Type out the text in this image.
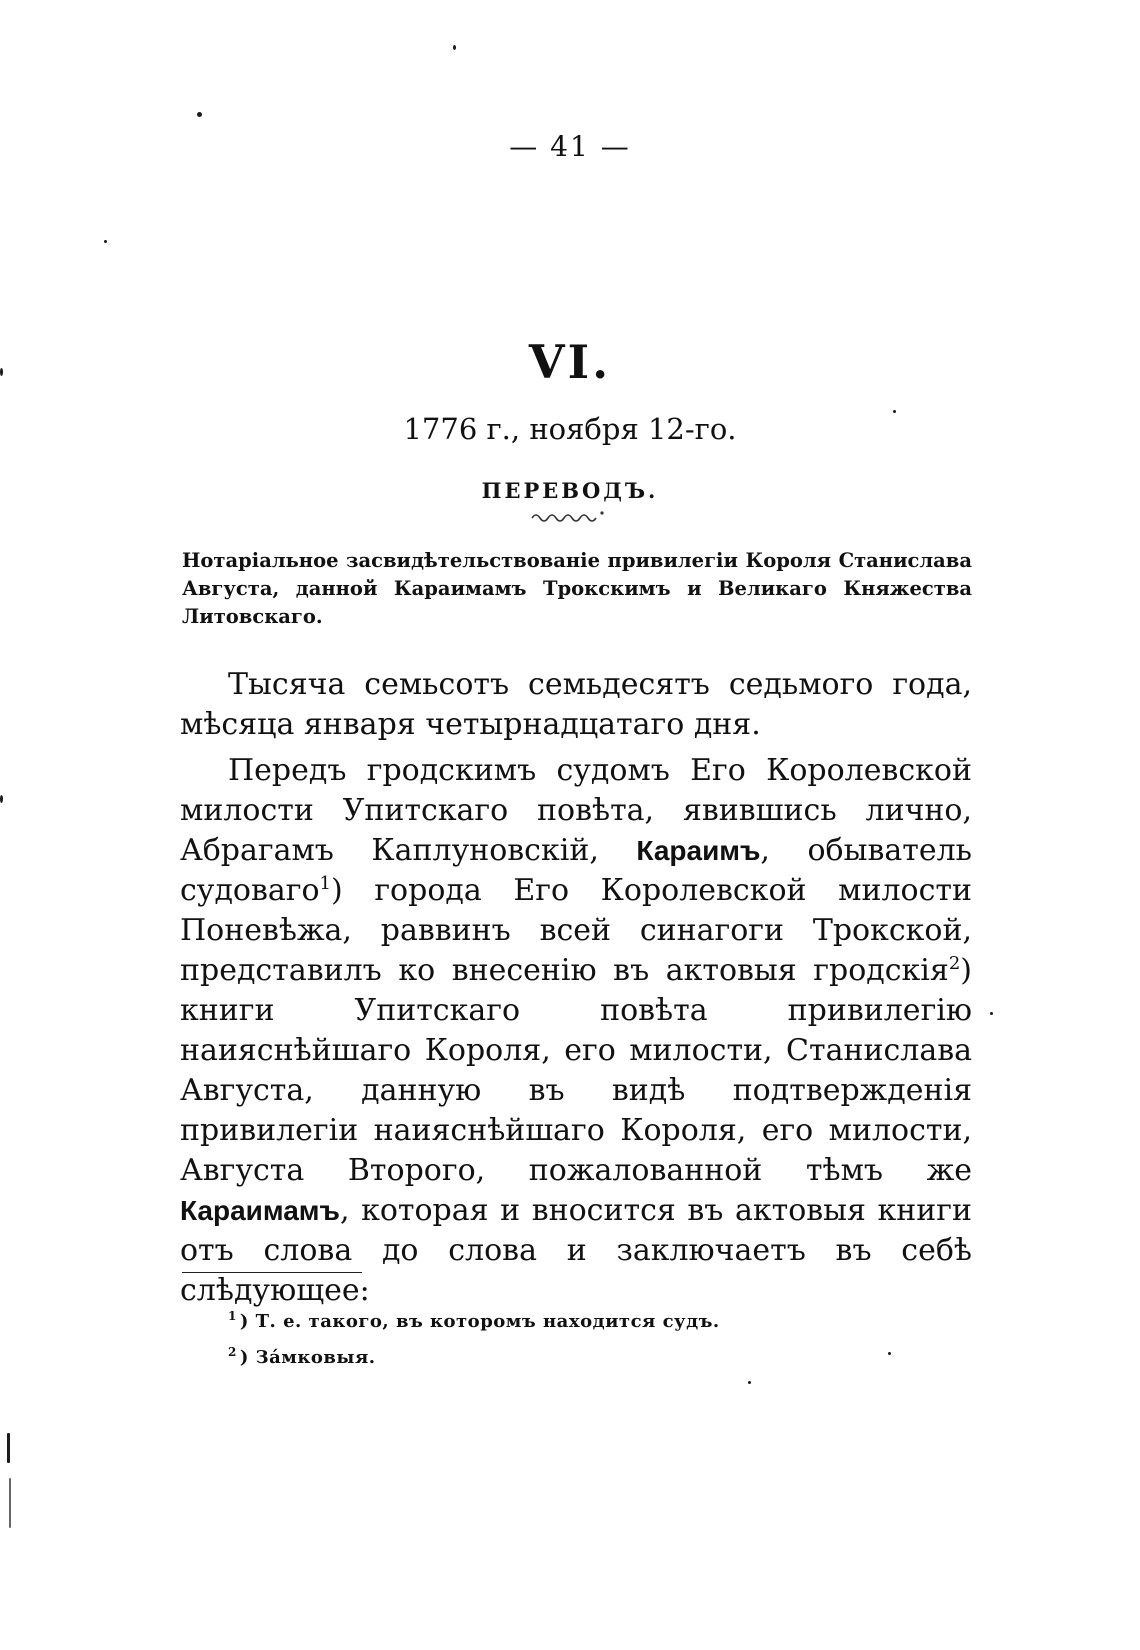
— 41 —
VI.
1776 г., ноября 12-го.
ПЕРЕВОДЪ.
Нотаріальное засвидѣтельствованіе привилегіи Короля Станислава Августа, данной Караимамъ Трокскимъ и Великаго Княжества Литовскаго.

Тысяча семьсотъ семьдесятъ седьмого года, мѣсяца января четырнадцатаго дня.

Передъ гродскимъ судомъ Его Королевской милости Упитскаго повѣта, явившись лично, Абрагамъ Каплуновскій, Караимъ, обыватель судоваго$^1$) города Его Королевской милости Поневѣжа, раввинъ всей синагоги Трокской, представилъ ко внесенію въ актовыя гродскія$^2$) книги Упитскаго повѣта привилегію наияснѣйшаго Короля, его милости, Станислава Августа, данную въ видѣ подтвержденія привилегіи наияснѣйшаго Короля, его милости, Августа Второго, пожалованной тѣмъ же Караимамъ, которая и вносится въ актовыя книги отъ слова до слова и заключаетъ въ себѣ слѣдующее:

$^1$ ) Т. е. такого, въ которомъ находится судъ.
$^2$ ) Зáмковыя.
